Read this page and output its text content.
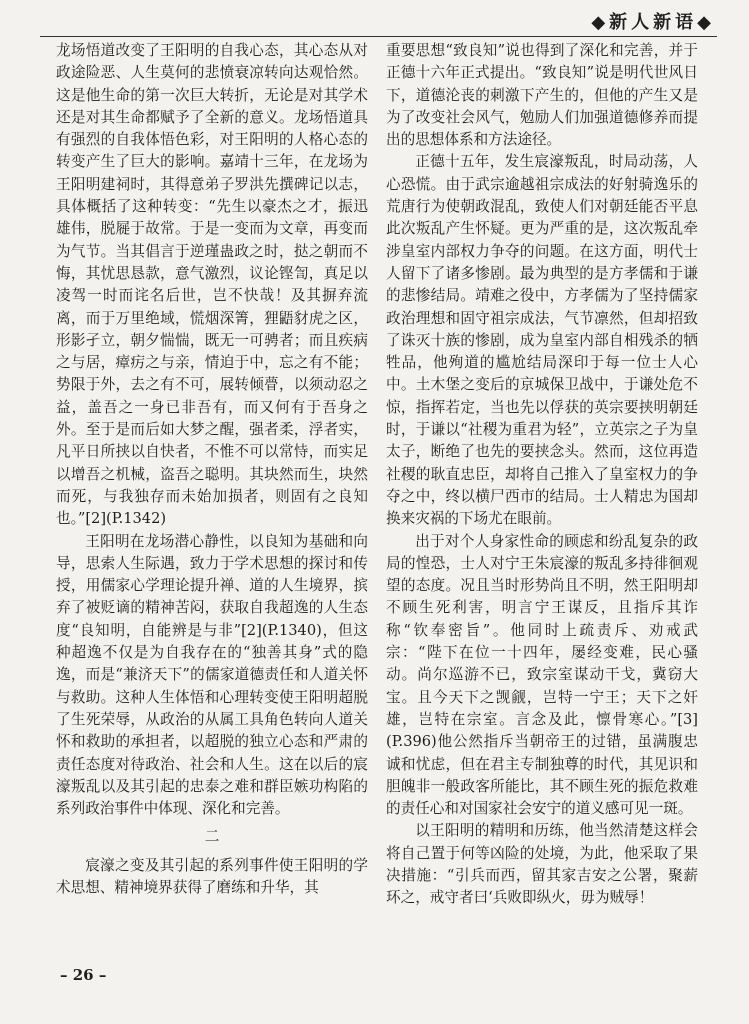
◆新人新语◆

龙场悟道改变了王阳明的自我心态，其心态从对政途险恶、人生莫何的悲愤衰凉转向达观恰然。这是他生命的第一次巨大转折，无论是对其学术还是对其生命都赋予了全新的意义。龙场悟道具有强烈的自我体悟色彩，对王阳明的人格心态的转变产生了巨大的影响。嘉靖十三年，在龙场为王阳明建祠时，其得意弟子罗洪先撰碑记以志，具体概括了这种转变：“先生以豪杰之才，振迅雄伟，脱屣于故常。于是一变而为文章，再变而为气节。当其倡言于逆瑾蛊政之时，挞之朝而不悔，其忧思恳款，意气激烈，议论铿訇，真足以凌驾一时而诧名后世，岂不快哉！及其摒弃流离，而于万里绝域，慌烟深箐，狸鼯豺虎之区，形影孑立，朝夕惴惴，既无一可骋者；而且疾病之与居，瘴疠之与亲，情迫于中，忘之有不能；势限于外，去之有不可，展转倾瞢，以须动忍之益，盖吾之一身已非吾有，而又何有于吾身之外。至于是而后如大梦之醒，强者柔，浮者实，凡平日所挟以自快者，不惟不可以常恃，而实足以增吾之机械，盗吾之聪明。其块然而生，块然而死，与我独存而未始加损者，则固有之良知也。”[2](P.1342)

王阳明在龙场潜心静性，以良知为基础和向导，思索人生际遇，致力于学术思想的探讨和传授，用儒家心学理论提升禅、道的人生境界，摈弃了被贬谪的精神苦闷，获取自我超逸的人生态度“良知明，自能辨是与非”[2](P.1340)，但这种超逸不仅是为自我存在的“独善其身”式的隐逸，而是“兼济天下”的儒家道德责任和人道关怀与救助。这种人生体悟和心理转变使王阳明超脱了生死荣辱，从政治的从属工具角色转向人道关怀和救助的承担者，以超脱的独立心态和严肃的责任态度对待政治、社会和人生。这在以后的宸濠叛乱以及其引起的忠泰之难和群臣嫉功构陷的系列政治事件中体现、深化和完善。

二

宸濠之变及其引起的系列事件使王阳明的学术思想、精神境界获得了磨练和升华，其

重要思想“致良知”说也得到了深化和完善，并于正德十六年正式提出。“致良知”说是明代世风日下，道德沦丧的刺激下产生的，但他的产生又是为了改变社会风气，勉励人们加强道德修养而提出的思想体系和方法途径。

正德十五年，发生宸濠叛乱，时局动荡，人心恐慌。由于武宗逾越祖宗成法的好射骑逸乐的荒唐行为使朝政混乱，致使人们对朝廷能否平息此次叛乱产生怀疑。更为严重的是，这次叛乱牵涉皇室内部权力争夺的问题。在这方面，明代士人留下了诸多惨剧。最为典型的是方孝儒和于谦的悲惨结局。靖难之役中，方孝儒为了坚持儒家政治理想和固守祖宗成法，气节凛然，但却招致了诛灭十族的惨剧，成为皇室内部自相残杀的牺牲品，他殉道的尴尬结局深印于每一位士人心中。土木堡之变后的京城保卫战中，于谦处危不惊，指挥若定，当也先以俘获的英宗要挟明朝廷时，于谦以“社稷为重君为轻”，立英宗之子为皇太子，断绝了也先的要挟念头。然而，这位再造社稷的耿直忠臣，却将自己推入了皇室权力的争夺之中，终以横尸西市的结局。士人精忠为国却换来灾祸的下场尤在眼前。

出于对个人身家性命的顾虑和纷乱复杂的政局的惶恐，士人对宁王朱宸濠的叛乱多持徘徊观望的态度。况且当时形势尚且不明，然王阳明却不顾生死利害，明言宁王谋反，且指斥其诈称“钦奉密旨”。他同时上疏责斥、劝戒武宗：“陛下在位一十四年，屡经变难，民心骚动。尚尔巡游不已，致宗室谋动干戈，冀窃大宝。且今天下之觊觎，岂特一宁王；天下之奸雄，岂特在宗室。言念及此，懔骨寒心。”[3](P.396)他公然指斥当朝帝王的过错，虽满腹忠诚和忧虑，但在君主专制独尊的时代，其见识和胆魄非一般政客所能比，其不顾生死的振危救难的责任心和对国家社会安宁的道义感可见一斑。

以王阳明的精明和历练，他当然清楚这样会将自己置于何等凶险的处境，为此，他采取了果决措施：“引兵而西，留其家吉安之公署，聚薪环之，戒守者曰‘兵败即纵火，毋为贼辱！

– 26 –
